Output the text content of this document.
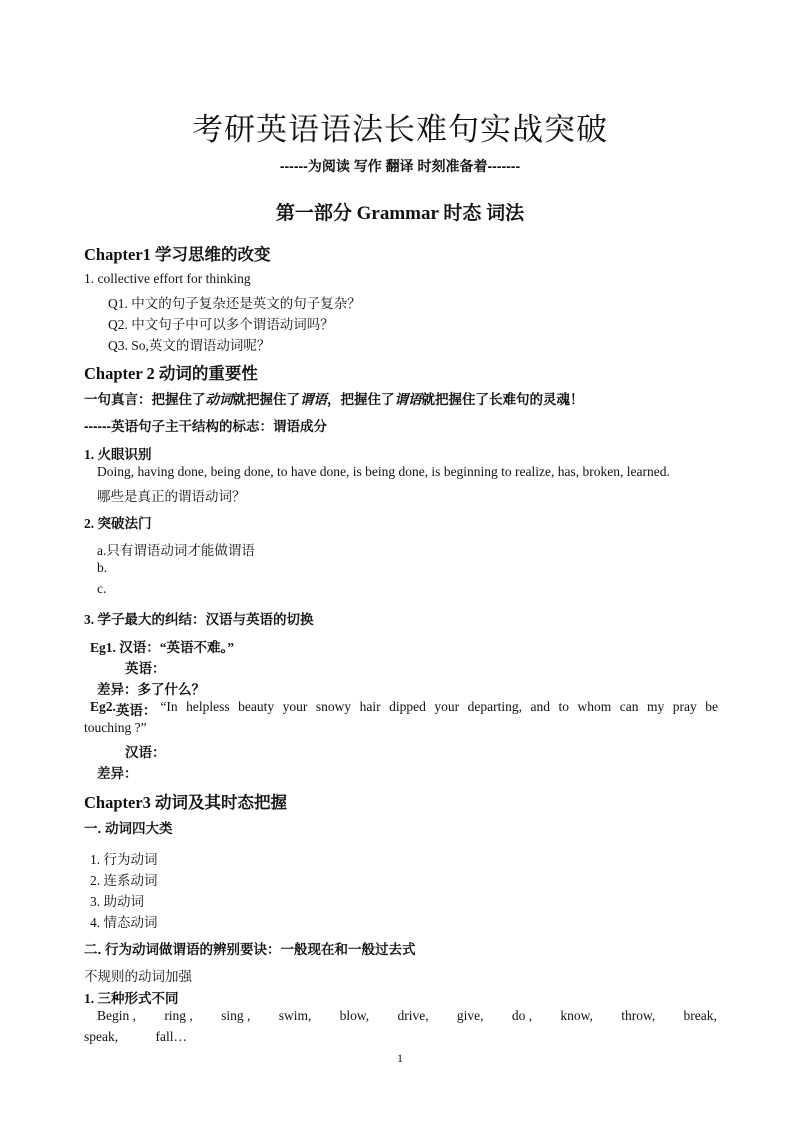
考研英语语法长难句实战突破
------为阅读 写作 翻译 时刻准备着-------
第一部分 Grammar 时态 词法
Chapter1 学习思维的改变
1. collective effort for thinking
Q1. 中文的句子复杂还是英文的句子复杂？
Q2. 中文句子中可以多个谓语动词吗？
Q3. So,英文的谓语动词呢？
Chapter 2 动词的重要性
一句真言：把握住了动词就把握住了谓语，把握住了谓语就把握住了长难句的灵魂！
------英语句子主干结构的标志：谓语成分
1. 火眼识别
Doing, having done, being done, to have done, is being done, is beginning to realize, has, broken, learned.
哪些是真正的谓语动词？
2. 突破法门
a.只有谓语动词才能做谓语
b.
c.
3. 学子最大的纠结：汉语与英语的切换
Eg1. 汉语：“英语不难。”
英语：
差异：多了什么？
Eg2. 英语： “In helpless beauty your snowy hair dipped your departing, and to whom can my pray be
touching ?”
汉语：
差异：
Chapter3 动词及其时态把握
一. 动词四大类
1. 行为动词
2. 连系动词
3. 助动词
4. 情态动词
二. 行为动词做谓语的辨别要诀：一般现在和一般过去式
不规则的动词加强
1. 三种形式不同
Begin , ring , sing , swim, blow, drive, give, do , know, throw, break,
speak,	fall…
1
